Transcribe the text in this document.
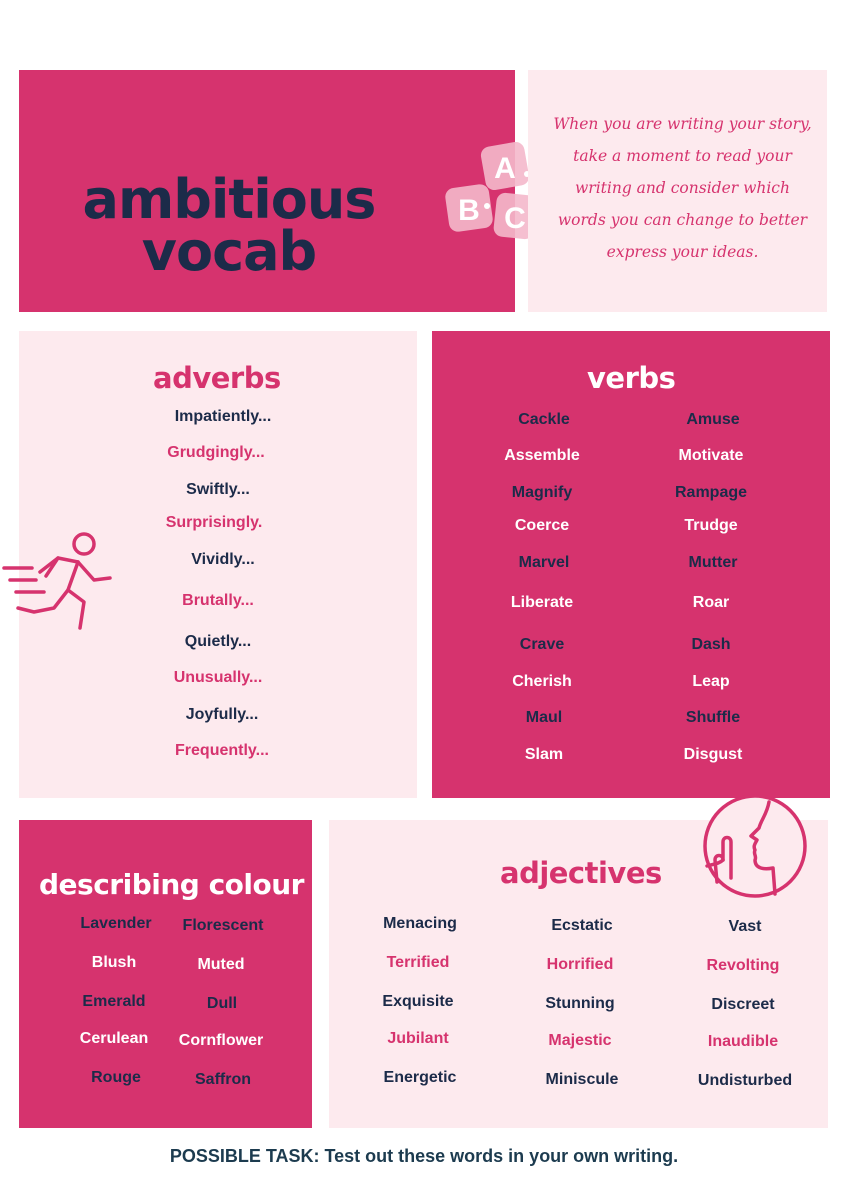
ambitious
vocab
A
B C
When you are writing your story, take a moment to read your writing and consider which words you can change to better express your ideas.
adverbs
Impatiently...
Grudgingly...
Swiftly...
Surprisingly.
Vividly...
Brutally...
Quietly...
Unusually...
Joyfully...
Frequently...
verbs
Cackle
Assemble
Magnify
Coerce
Marvel
Liberate
Crave
Cherish
Maul
Slam
Amuse
Motivate
Rampage
Trudge
Mutter
Roar
Dash
Leap
Shuffle
Disgust
describing colour
Lavender
Blush
Emerald
Cerulean
Rouge
Florescent
Muted
Dull
Cornflower
Saffron
adjectives
Menacing
Terrified
Exquisite
Jubilant
Energetic
Ecstatic
Horrified
Stunning
Majestic
Miniscule
Vast
Revolting
Discreet
Inaudible
Undisturbed
POSSIBLE TASK: Test out these words in your own writing.
